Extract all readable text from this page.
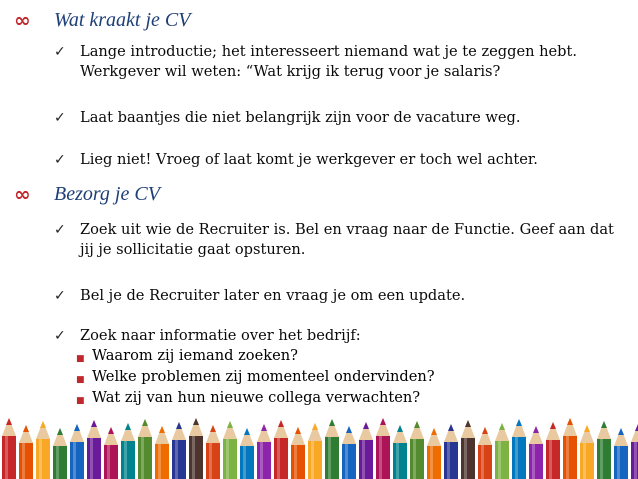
∞	Wat kraakt je CV
✓ Lange introductie; het interesseert niemand wat je te zeggen hebt. Werkgever wil weten: “Wat krijg ik terug voor je salaris?
✓ Laat baantjes die niet belangrijk zijn voor de vacature weg.
✓ Lieg niet! Vroeg of laat komt je werkgever er toch wel achter.
∞	Bezorg je CV
✓ Zoek uit wie de Recruiter is. Bel en vraag naar de Functie. Geef aan dat jij je sollicitatie gaat opsturen.
✓ Bel je de Recruiter later en vraag je om een update.
✓ Zoek naar informatie over het bedrijf:
■ Waarom zij iemand zoeken?
■ Welke problemen zij momenteel ondervinden?
■ Wat zij van hun nieuwe collega verwachten?
